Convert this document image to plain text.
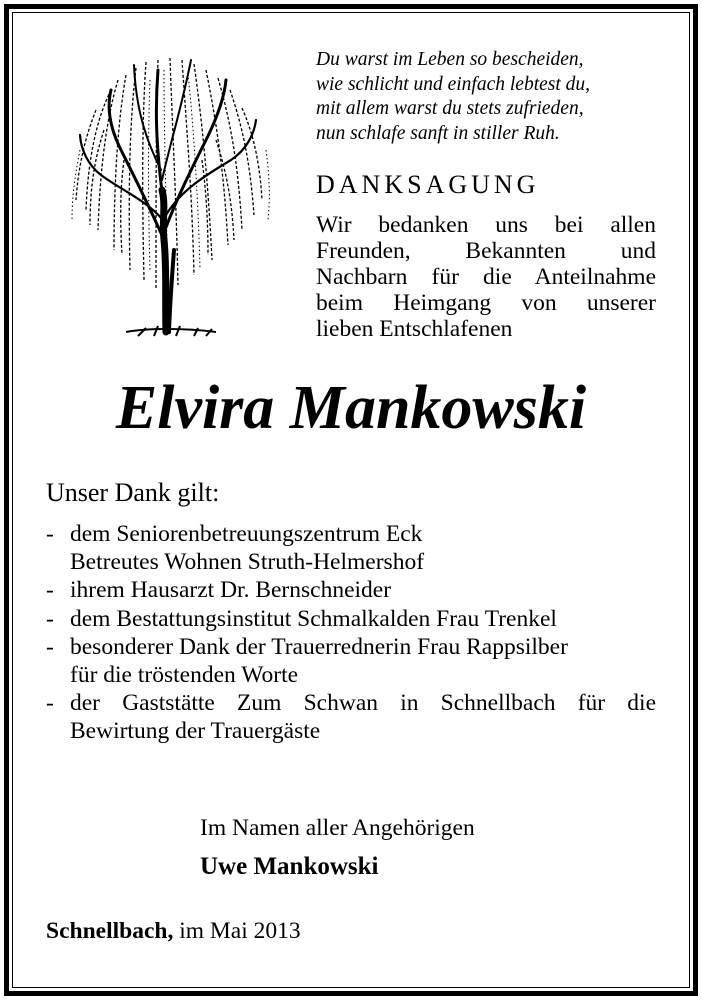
Du warst im Leben so bescheiden,
wie schlicht und einfach lebtest du,
mit allem warst du stets zufrieden,
nun schlafe sanft in stiller Ruh.
DANKSAGUNG
Wir bedanken uns bei allen
Freunden, Bekannten und
Nachbarn für die Anteilnahme
beim Heimgang von unserer
lieben Entschlafenen
Elvira Mankowski
Unser Dank gilt:
- dem Seniorenbetreuungszentrum Eck
Betreutes Wohnen Struth-Helmershof
- ihrem Hausarzt Dr. Bernschneider
- dem Bestattungsinstitut Schmalkalden Frau Trenkel
- besonderer Dank der Trauerrednerin Frau Rappsilber
für die tröstenden Worte
- der Gaststätte Zum Schwan in Schnellbach für die
Bewirtung der Trauergäste
Im Namen aller Angehörigen
Uwe Mankowski
Schnellbach, im Mai 2013
